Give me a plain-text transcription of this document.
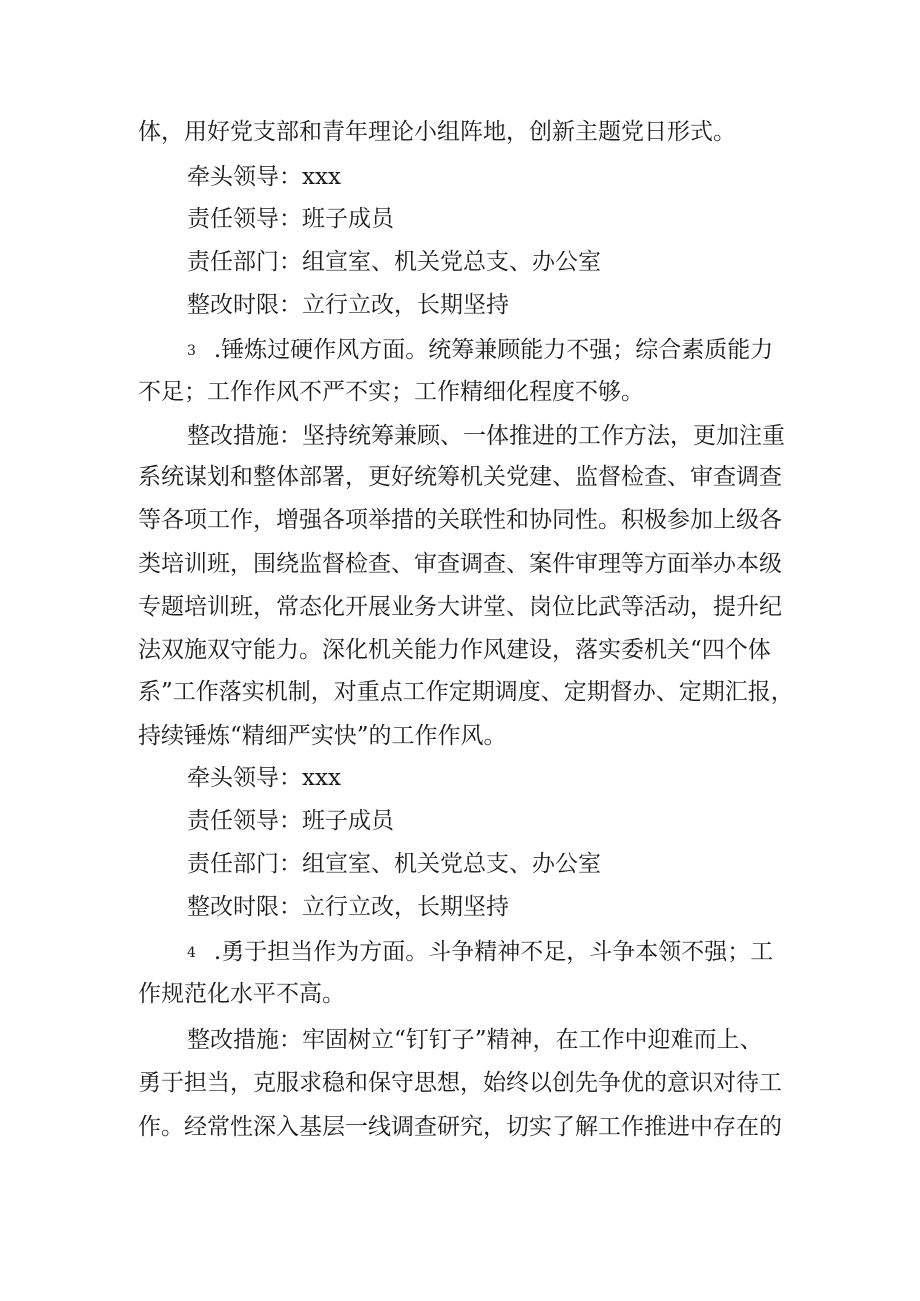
体，用好党支部和青年理论小组阵地，创新主题党日形式。
牵头领导：xxx
责任领导：班子成员
责任部门：组宣室、机关党总支、办公室
整改时限：立行立改，长期坚持
3 .锤炼过硬作风方面。统筹兼顾能力不强；综合素质能力
不足；工作作风不严不实；工作精细化程度不够。
整改措施：坚持统筹兼顾、一体推进的工作方法，更加注重
系统谋划和整体部署，更好统筹机关党建、监督检查、审查调查
等各项工作，增强各项举措的关联性和协同性。积极参加上级各
类培训班，围绕监督检查、审查调查、案件审理等方面举办本级
专题培训班，常态化开展业务大讲堂、岗位比武等活动，提升纪
法双施双守能力。深化机关能力作风建设，落实委机关“四个体
系”工作落实机制，对重点工作定期调度、定期督办、定期汇报，
持续锤炼“精细严实快”的工作作风。
牵头领导：xxx
责任领导：班子成员
责任部门：组宣室、机关党总支、办公室
整改时限：立行立改，长期坚持
4 .勇于担当作为方面。斗争精神不足，斗争本领不强；工
作规范化水平不高。
整改措施：牢固树立“钉钉子”精神，在工作中迎难而上、
勇于担当，克服求稳和保守思想，始终以创先争优的意识对待工
作。经常性深入基层一线调查研究，切实了解工作推进中存在的
